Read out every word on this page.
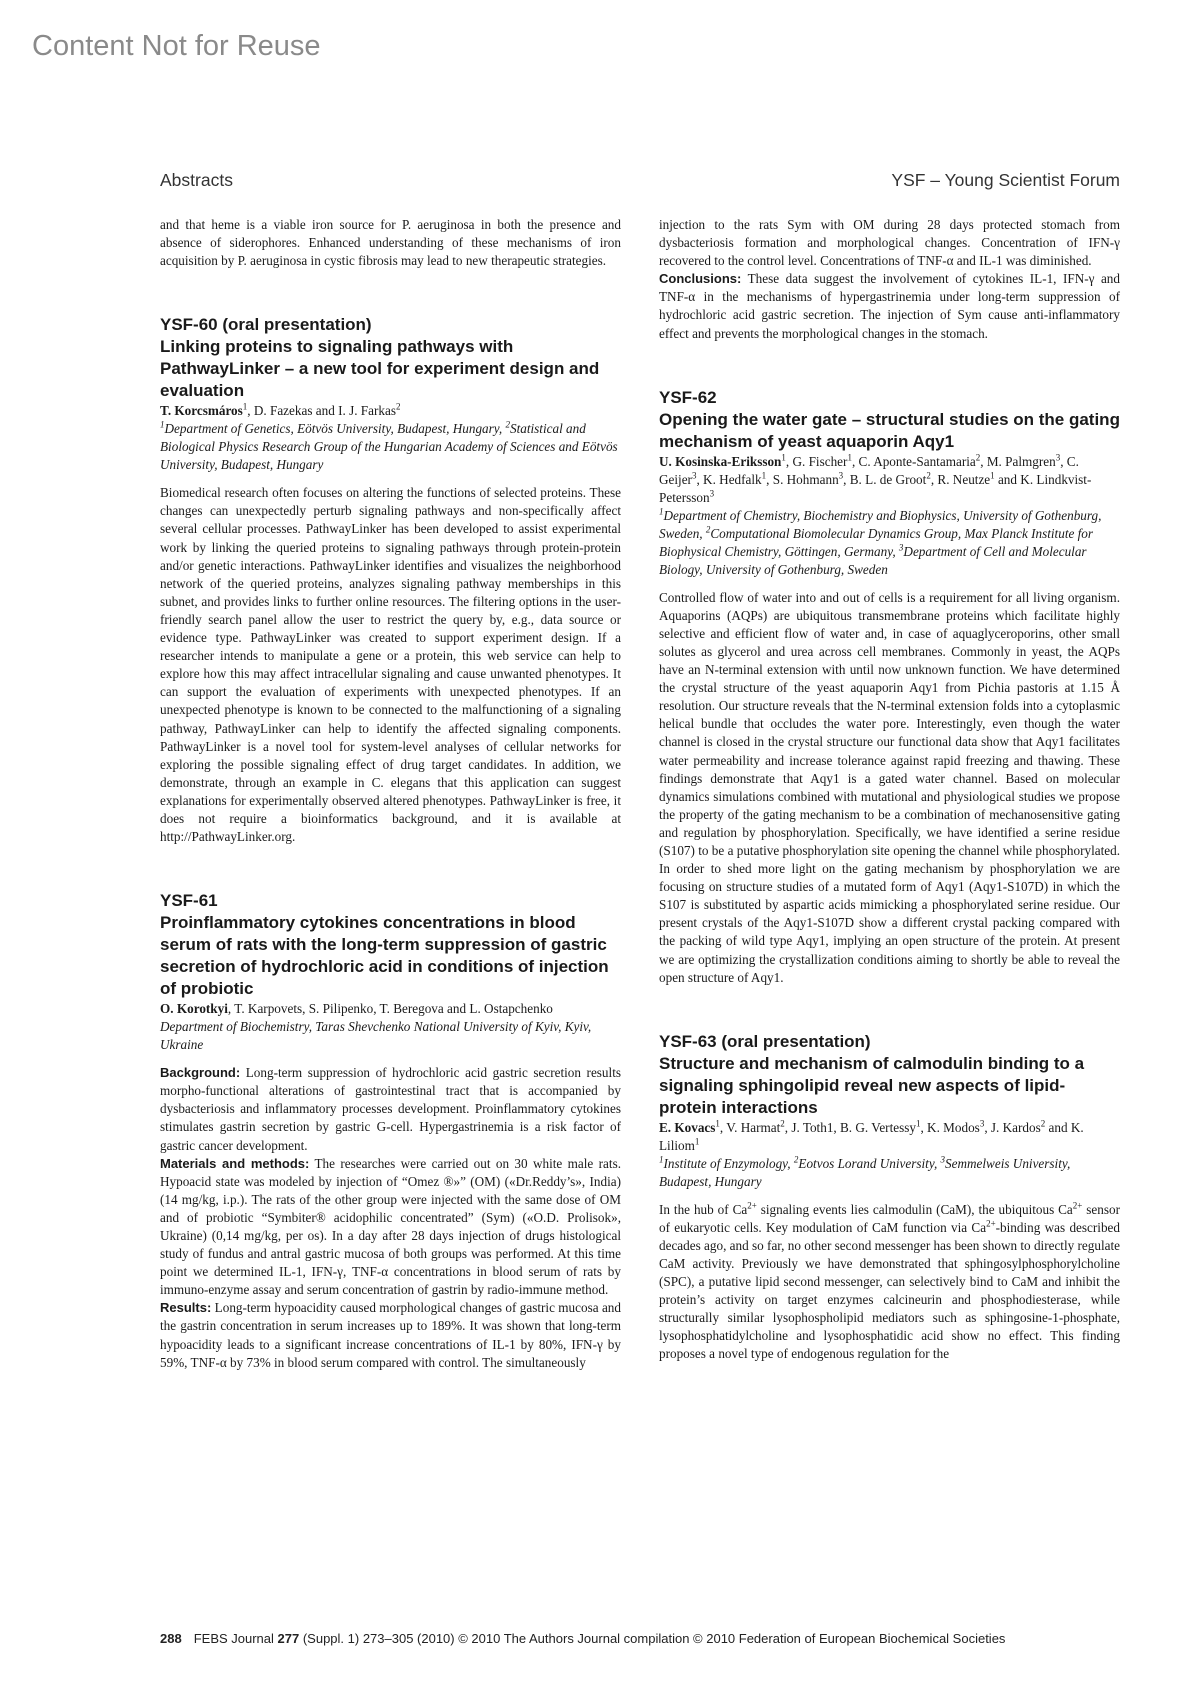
Content Not for Reuse
Abstracts	YSF – Young Scientist Forum

and that heme is a viable iron source for P. aeruginosa in both the presence and absence of siderophores. Enhanced understanding of these mechanisms of iron acquisition by P. aeruginosa in cystic fibrosis may lead to new therapeutic strategies.

YSF-60 (oral presentation)

Linking proteins to signaling pathways with PathwayLinker – a new tool for experiment design and evaluation

T. Korcsmáros$^1$, D. Fazekas and I. J. Farkas$^2$

$^1$Department of Genetics, Eötvös University, Budapest, Hungary, $^2$Statistical and Biological Physics Research Group of the Hungarian Academy of Sciences and Eötvös University, Budapest, Hungary

Biomedical research often focuses on altering the functions of selected proteins. These changes can unexpectedly perturb signaling pathways and non-specifically affect several cellular processes. PathwayLinker has been developed to assist experimental work by linking the queried proteins to signaling pathways through protein-protein and/or genetic interactions. PathwayLinker identifies and visualizes the neighborhood network of the queried proteins, analyzes signaling pathway memberships in this subnet, and provides links to further online resources. The filtering options in the user-friendly search panel allow the user to restrict the query by, e.g., data source or evidence type. PathwayLinker was created to support experiment design. If a researcher intends to manipulate a gene or a protein, this web service can help to explore how this may affect intracellular signaling and cause unwanted phenotypes. It can support the evaluation of experiments with unexpected phenotypes. If an unexpected phenotype is known to be connected to the malfunctioning of a signaling pathway, PathwayLinker can help to identify the affected signaling components. PathwayLinker is a novel tool for system-level analyses of cellular networks for exploring the possible signaling effect of drug target candidates. In addition, we demonstrate, through an example in C. elegans that this application can suggest explanations for experimentally observed altered phenotypes. PathwayLinker is free, it does not require a bioinformatics background, and it is available at http://PathwayLinker.org.

YSF-61

Proinflammatory cytokines concentrations in blood serum of rats with the long-term suppression of gastric secretion of hydrochloric acid in conditions of injection of probiotic

O. Korotkyi, T. Karpovets, S. Pilipenko, T. Beregova and L. Ostapchenko

Department of Biochemistry, Taras Shevchenko National University of Kyiv, Kyiv, Ukraine

Background: Long-term suppression of hydrochloric acid gastric secretion results morpho-functional alterations of gastrointestinal tract that is accompanied by dysbacteriosis and inflammatory processes development. Proinflammatory cytokines stimulates gastrin secretion by gastric G-cell. Hypergastrinemia is a risk factor of gastric cancer development.
Materials and methods: The researches were carried out on 30 white male rats. Hypoacid state was modeled by injection of “Omez ®»” (OM) («Dr.Reddy’s», India) (14 mg/kg, i.p.). The rats of the other group were injected with the same dose of OM and of probiotic “Symbiter® acidophilic concentrated” (Sym) («O.D. Prolisok», Ukraine) (0,14 mg/kg, per os). In a day after 28 days injection of drugs histological study of fundus and antral gastric mucosa of both groups was performed. At this time point we determined IL-1, IFN-γ, TNF-α concentrations in blood serum of rats by immuno-enzyme assay and serum concentration of gastrin by radio-immune method.
Results: Long-term hypoacidity caused morphological changes of gastric mucosa and the gastrin concentration in serum increases up to 189%. It was shown that long-term hypoacidity leads to a significant increase concentrations of IL-1 by 80%, IFN-γ by 59%, TNF-α by 73% in blood serum compared with control. The simultaneously

injection to the rats Sym with OM during 28 days protected stomach from dysbacteriosis formation and morphological changes. Concentration of IFN-γ recovered to the control level. Concentrations of TNF-α and IL-1 was diminished.
Conclusions: These data suggest the involvement of cytokines IL-1, IFN-γ and TNF-α in the mechanisms of hypergastrinemia under long-term suppression of hydrochloric acid gastric secretion. The injection of Sym cause anti-inflammatory effect and prevents the morphological changes in the stomach.

YSF-62

Opening the water gate – structural studies on the gating mechanism of yeast aquaporin Aqy1

U. Kosinska-Eriksson$^1$, G. Fischer$^1$, C. Aponte-Santamaria$^2$, M. Palmgren$^3$, C. Geijer$^3$, K. Hedfalk$^1$, S. Hohmann$^3$, B. L. de Groot$^2$, R. Neutze$^1$ and K. Lindkvist-Petersson$^3$

$^1$Department of Chemistry, Biochemistry and Biophysics, University of Gothenburg, Sweden, $^2$Computational Biomolecular Dynamics Group, Max Planck Institute for Biophysical Chemistry, Göttingen, Germany, $^3$Department of Cell and Molecular Biology, University of Gothenburg, Sweden

Controlled flow of water into and out of cells is a requirement for all living organism. Aquaporins (AQPs) are ubiquitous transmembrane proteins which facilitate highly selective and efficient flow of water and, in case of aquaglyceroporins, other small solutes as glycerol and urea across cell membranes. Commonly in yeast, the AQPs have an N-terminal extension with until now unknown function. We have determined the crystal structure of the yeast aquaporin Aqy1 from Pichia pastoris at 1.15 Å resolution. Our structure reveals that the N-terminal extension folds into a cytoplasmic helical bundle that occludes the water pore. Interestingly, even though the water channel is closed in the crystal structure our functional data show that Aqy1 facilitates water permeability and increase tolerance against rapid freezing and thawing. These findings demonstrate that Aqy1 is a gated water channel. Based on molecular dynamics simulations combined with mutational and physiological studies we propose the property of the gating mechanism to be a combination of mechanosensitive gating and regulation by phosphorylation. Specifically, we have identified a serine residue (S107) to be a putative phosphorylation site opening the channel while phosphorylated. In order to shed more light on the gating mechanism by phosphorylation we are focusing on structure studies of a mutated form of Aqy1 (Aqy1-S107D) in which the S107 is substituted by aspartic acids mimicking a phosphorylated serine residue. Our present crystals of the Aqy1-S107D show a different crystal packing compared with the packing of wild type Aqy1, implying an open structure of the protein. At present we are optimizing the crystallization conditions aiming to shortly be able to reveal the open structure of Aqy1.

YSF-63 (oral presentation)

Structure and mechanism of calmodulin binding to a signaling sphingolipid reveal new aspects of lipid-protein interactions

E. Kovacs$^1$, V. Harmat$^2$, J. Toth1, B. G. Vertessy$^1$, K. Modos$^3$, J. Kardos$^2$ and K. Liliom$^1$

$^1$Institute of Enzymology, $^2$Eotvos Lorand University, $^3$Semmelweis University, Budapest, Hungary

In the hub of $Ca^{2+}$ signaling events lies calmodulin (CaM), the ubiquitous $Ca^{2+}$ sensor of eukaryotic cells. Key modulation of CaM function via $Ca^{2+}$-binding was described decades ago, and so far, no other second messenger has been shown to directly regulate CaM activity. Previously we have demonstrated that sphingosylphosphorylcholine (SPC), a putative lipid second messenger, can selectively bind to CaM and inhibit the protein’s activity on target enzymes calcineurin and phosphodiesterase, while structurally similar lysophospholipid mediators such as sphingosine-1-phosphate, lysophosphatidylcholine and lysophosphatidic acid show no effect. This finding proposes a novel type of endogenous regulation for the

288 FEBS Journal 277 (Suppl. 1) 273–305 (2010) © 2010 The Authors Journal compilation © 2010 Federation of European Biochemical Societies
